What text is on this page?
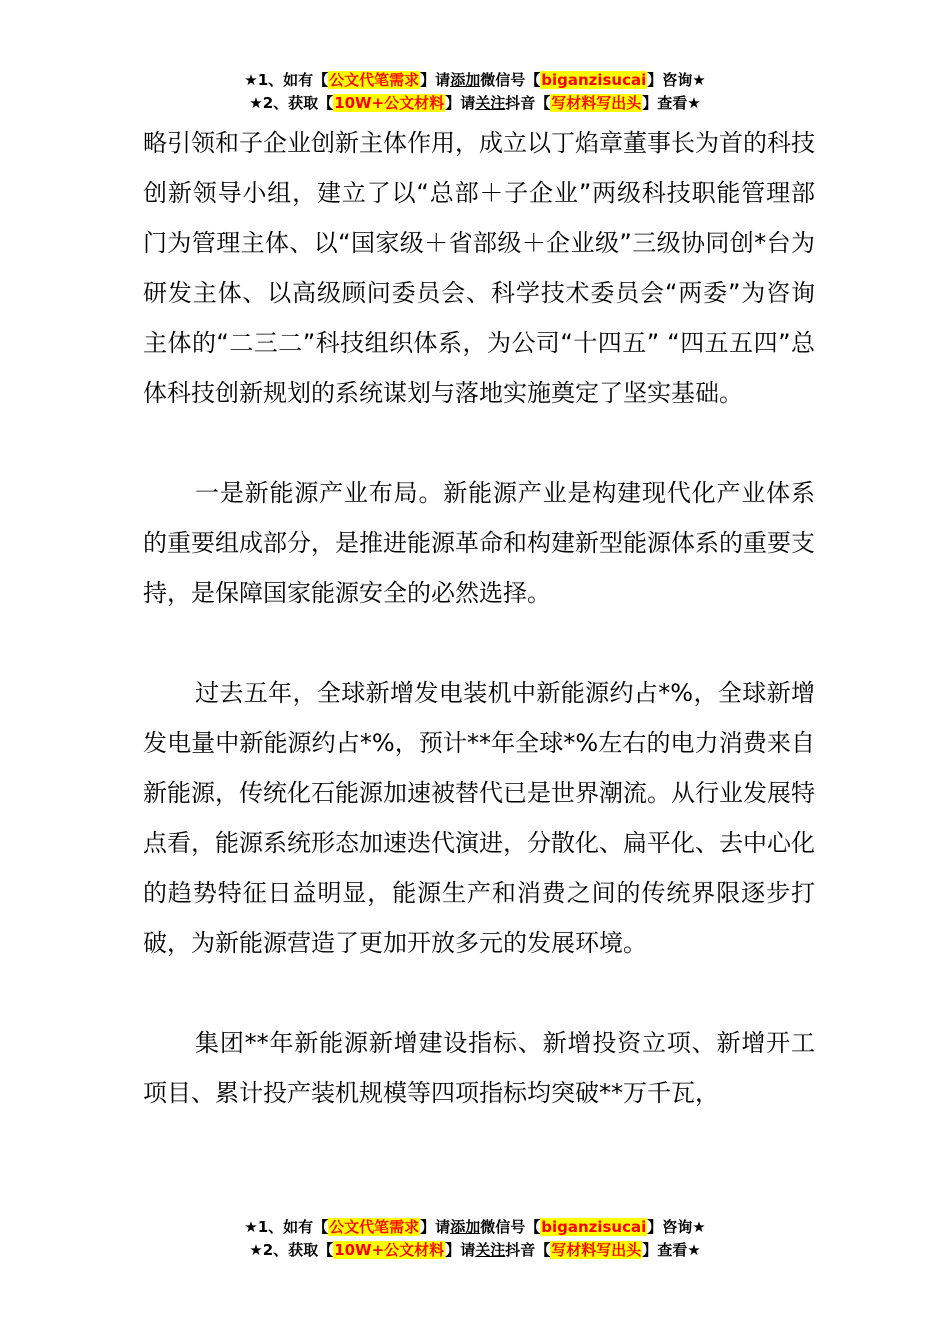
★1、如有【公文代笔需求】请添加微信号【biganzisucai】咨询★
★2、获取【10W+公文材料】请关注抖音【写材料写出头】查看★

略引领和子企业创新主体作用，成立以丁焰章董事长为首的科技创新领导小组，建立了以“总部＋子企业”两级科技职能管理部门为管理主体、以“国家级＋省部级＋企业级”三级协同创*台为研发主体、以高级顾问委员会、科学技术委员会“两委”为咨询主体的“二三二”科技组织体系，为公司“十四五” “四五五四”总体科技创新规划的系统谋划与落地实施奠定了坚实基础。

一是新能源产业布局。新能源产业是构建现代化产业体系的重要组成部分，是推进能源革命和构建新型能源体系的重要支持，是保障国家能源安全的必然选择。

过去五年，全球新增发电装机中新能源约占*%，全球新增发电量中新能源约占*%，预计**年全球*%左右的电力消费来自新能源，传统化石能源加速被替代已是世界潮流。从行业发展特点看，能源系统形态加速迭代演进，分散化、扁平化、去中心化的趋势特征日益明显，能源生产和消费之间的传统界限逐步打破，为新能源营造了更加开放多元的发展环境。

集团**年新能源新增建设指标、新增投资立项、新增开工项目、累计投产装机规模等四项指标均突破**万千瓦，

★1、如有【公文代笔需求】请添加微信号【biganzisucai】咨询★
★2、获取【10W+公文材料】请关注抖音【写材料写出头】查看★
